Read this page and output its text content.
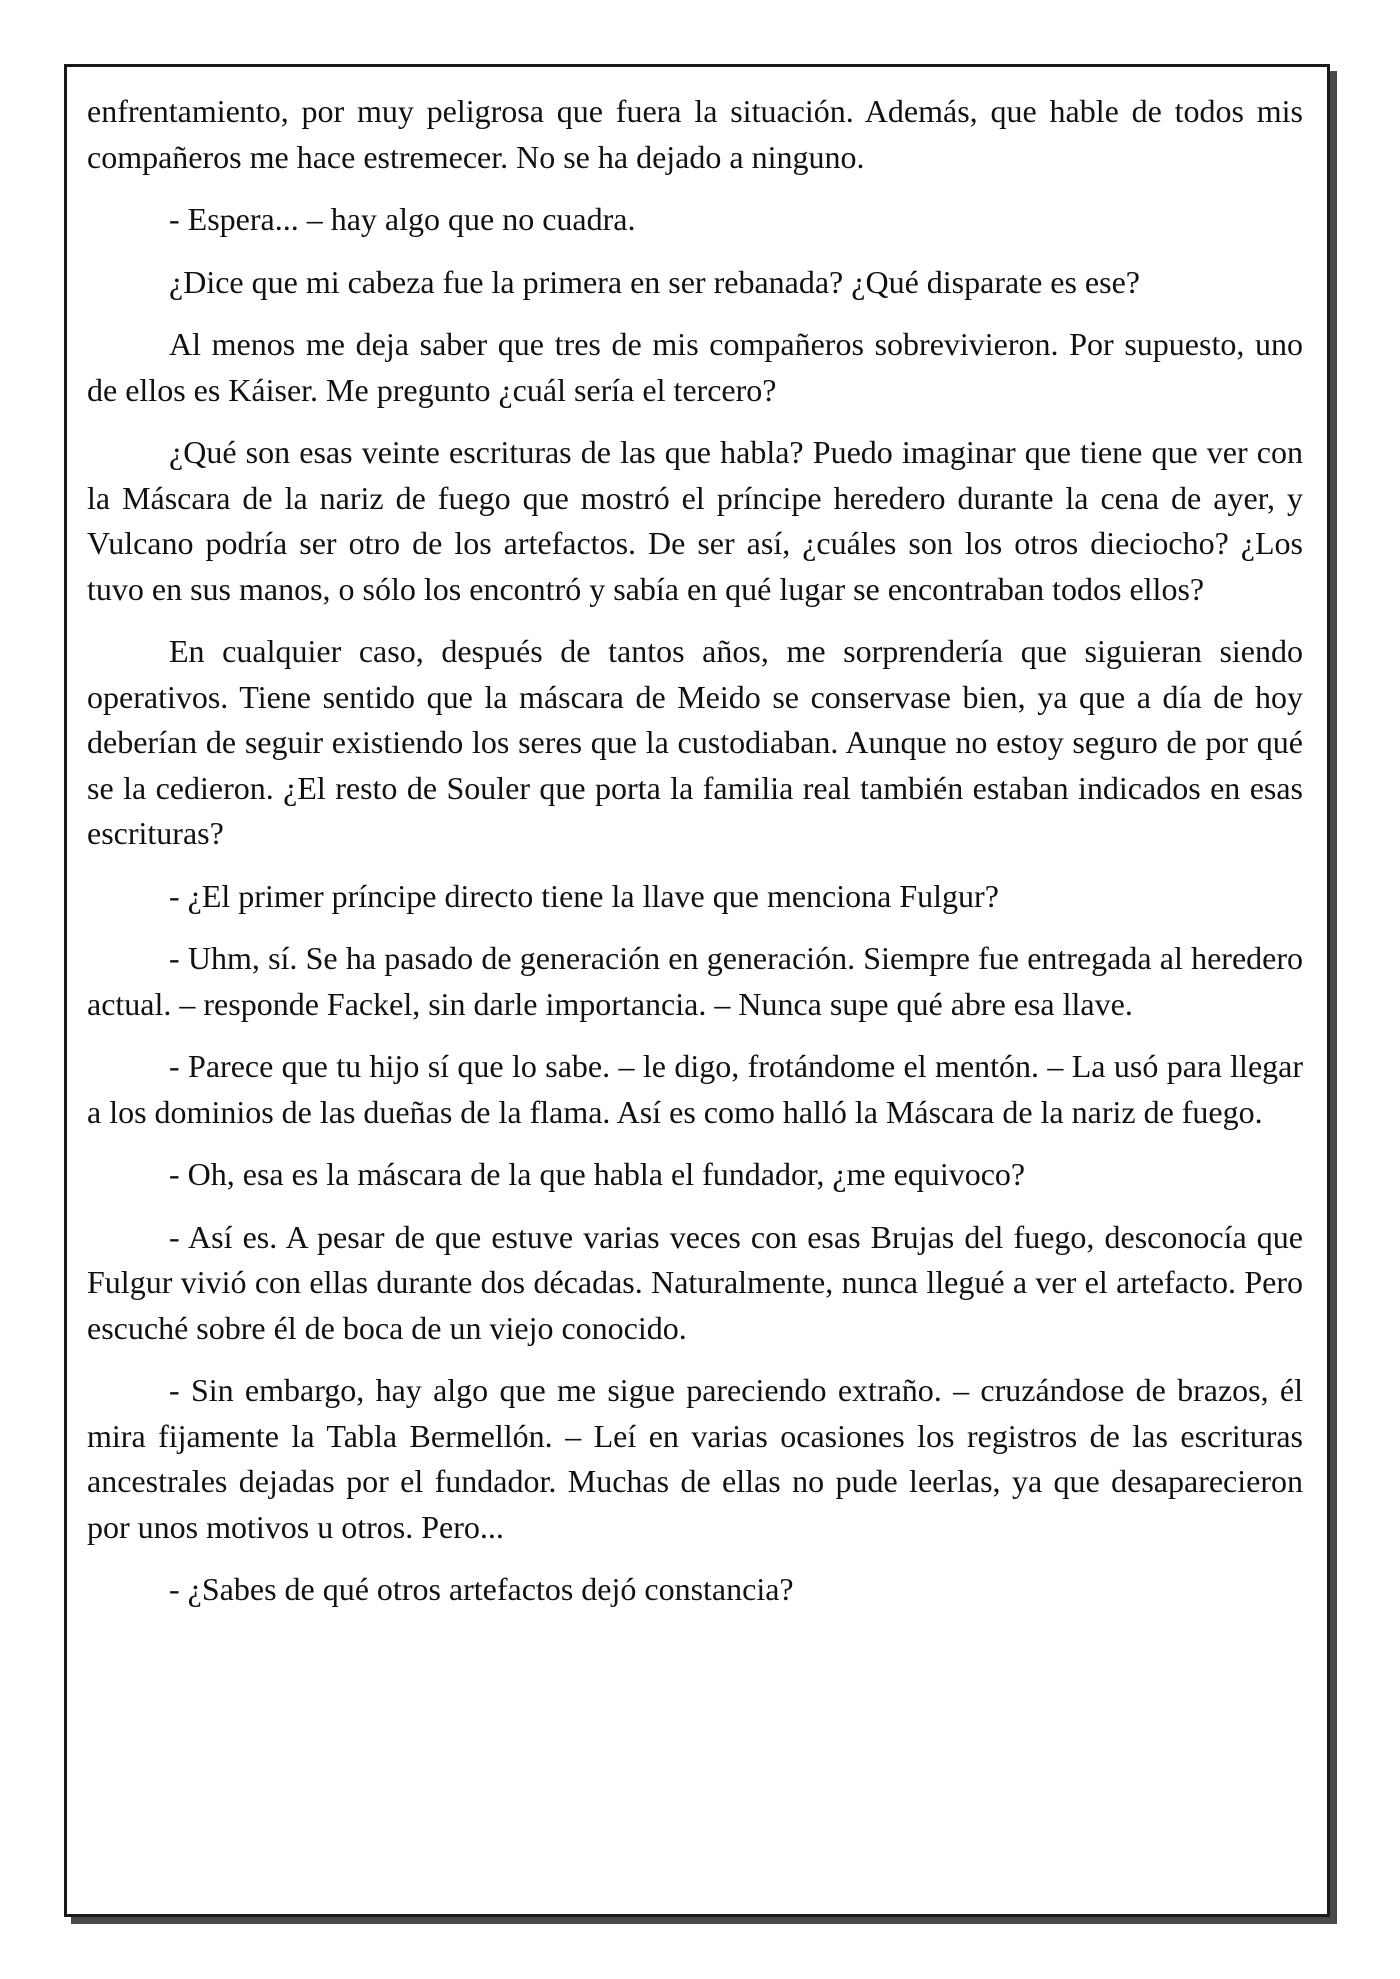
enfrentamiento, por muy peligrosa que fuera la situación. Además, que hable de todos mis compañeros me hace estremecer. No se ha dejado a ninguno.

- Espera... – hay algo que no cuadra.

¿Dice que mi cabeza fue la primera en ser rebanada? ¿Qué disparate es ese?

Al menos me deja saber que tres de mis compañeros sobrevivieron. Por supuesto, uno de ellos es Káiser. Me pregunto ¿cuál sería el tercero?

¿Qué son esas veinte escrituras de las que habla? Puedo imaginar que tiene que ver con la Máscara de la nariz de fuego que mostró el príncipe heredero durante la cena de ayer, y Vulcano podría ser otro de los artefactos. De ser así, ¿cuáles son los otros dieciocho? ¿Los tuvo en sus manos, o sólo los encontró y sabía en qué lugar se encontraban todos ellos?

En cualquier caso, después de tantos años, me sorprendería que siguieran siendo operativos. Tiene sentido que la máscara de Meido se conservase bien, ya que a día de hoy deberían de seguir existiendo los seres que la custodiaban. Aunque no estoy seguro de por qué se la cedieron. ¿El resto de Souler que porta la familia real también estaban indicados en esas escrituras?

- ¿El primer príncipe directo tiene la llave que menciona Fulgur?

- Uhm, sí. Se ha pasado de generación en generación. Siempre fue entregada al heredero actual. – responde Fackel, sin darle importancia. – Nunca supe qué abre esa llave.

- Parece que tu hijo sí que lo sabe. – le digo, frotándome el mentón. – La usó para llegar a los dominios de las dueñas de la flama. Así es como halló la Máscara de la nariz de fuego.

- Oh, esa es la máscara de la que habla el fundador, ¿me equivoco?

- Así es. A pesar de que estuve varias veces con esas Brujas del fuego, desconocía que Fulgur vivió con ellas durante dos décadas. Naturalmente, nunca llegué a ver el artefacto. Pero escuché sobre él de boca de un viejo conocido.

- Sin embargo, hay algo que me sigue pareciendo extraño. – cruzándose de brazos, él mira fijamente la Tabla Bermellón. – Leí en varias ocasiones los registros de las escrituras ancestrales dejadas por el fundador. Muchas de ellas no pude leerlas, ya que desaparecieron por unos motivos u otros. Pero...

- ¿Sabes de qué otros artefactos dejó constancia?
